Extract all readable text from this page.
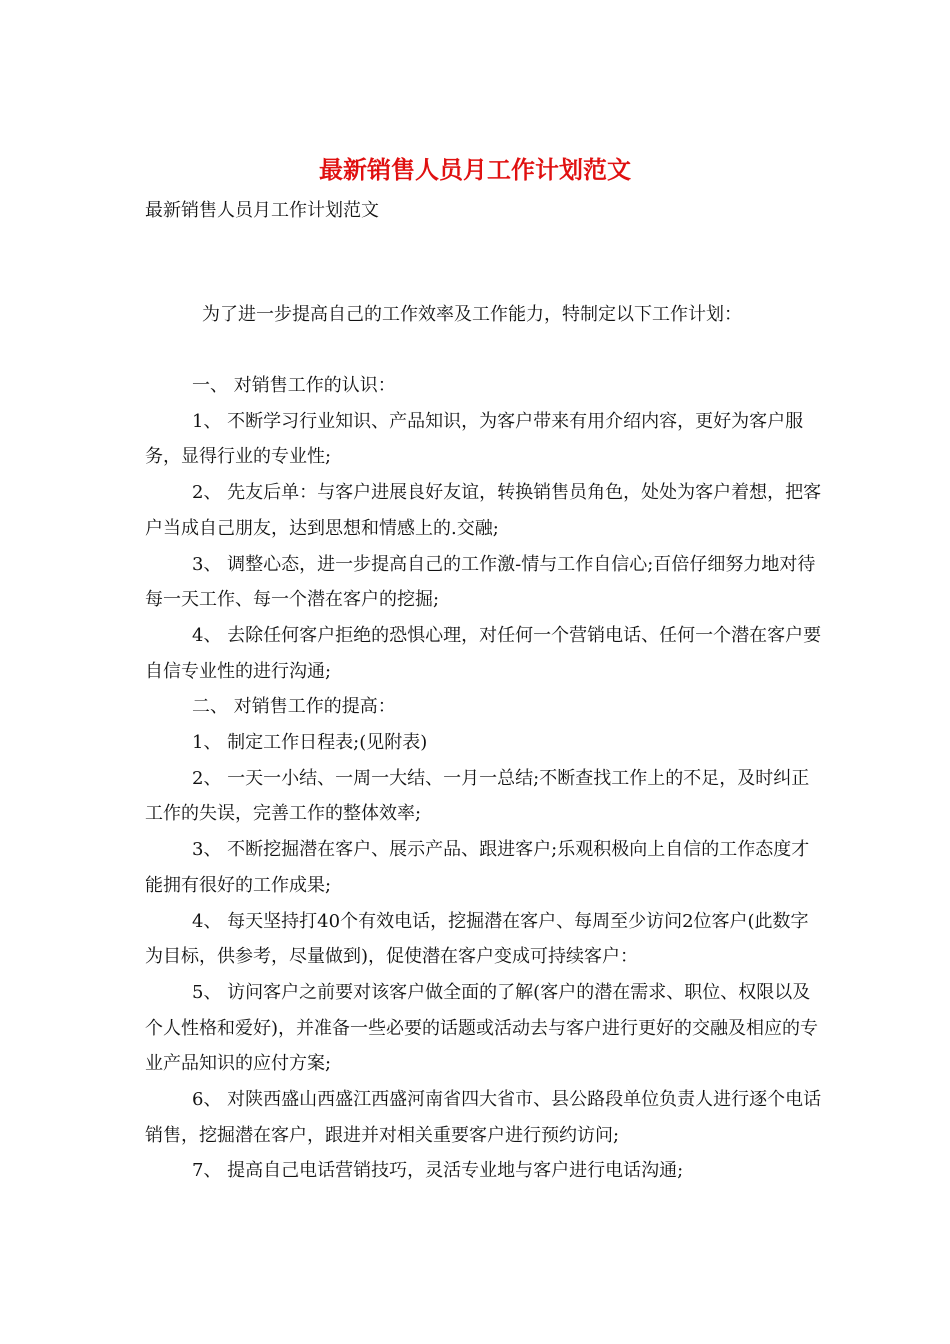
最新销售人员月工作计划范文
最新销售人员月工作计划范文
为了进一步提高自己的工作效率及工作能力，特制定以下工作计划：

一、 对销售工作的认识：

1、 不断学习行业知识、产品知识，为客户带来有用介绍内容，更好为客户服务，显得行业的专业性;

2、 先友后单：与客户进展良好友谊，转换销售员角色，处处为客户着想，把客户当成自己朋友，达到思想和情感上的.交融;

3、 调整心态，进一步提高自己的工作激-情与工作自信心;百倍仔细努力地对待每一天工作、每一个潜在客户的挖掘;

4、 去除任何客户拒绝的恐惧心理，对任何一个营销电话、任何一个潜在客户要自信专业性的进行沟通;

二、 对销售工作的提高：

1、 制定工作日程表;(见附表)

2、 一天一小结、一周一大结、一月一总结;不断查找工作上的不足，及时纠正工作的失误，完善工作的整体效率;

3、 不断挖掘潜在客户、展示产品、跟进客户;乐观积极向上自信的工作态度才能拥有很好的工作成果;

4、 每天坚持打40个有效电话，挖掘潜在客户、每周至少访问2位客户(此数字为目标，供参考，尽量做到)，促使潜在客户变成可持续客户：

5、 访问客户之前要对该客户做全面的了解(客户的潜在需求、职位、权限以及个人性格和爱好)，并准备一些必要的话题或活动去与客户进行更好的交融及相应的专业产品知识的应付方案;

6、 对陕西盛山西盛江西盛河南省四大省市、县公路段单位负责人进行逐个电话销售，挖掘潜在客户，跟进并对相关重要客户进行预约访问;

7、 提高自己电话营销技巧，灵活专业地与客户进行电话沟通;
